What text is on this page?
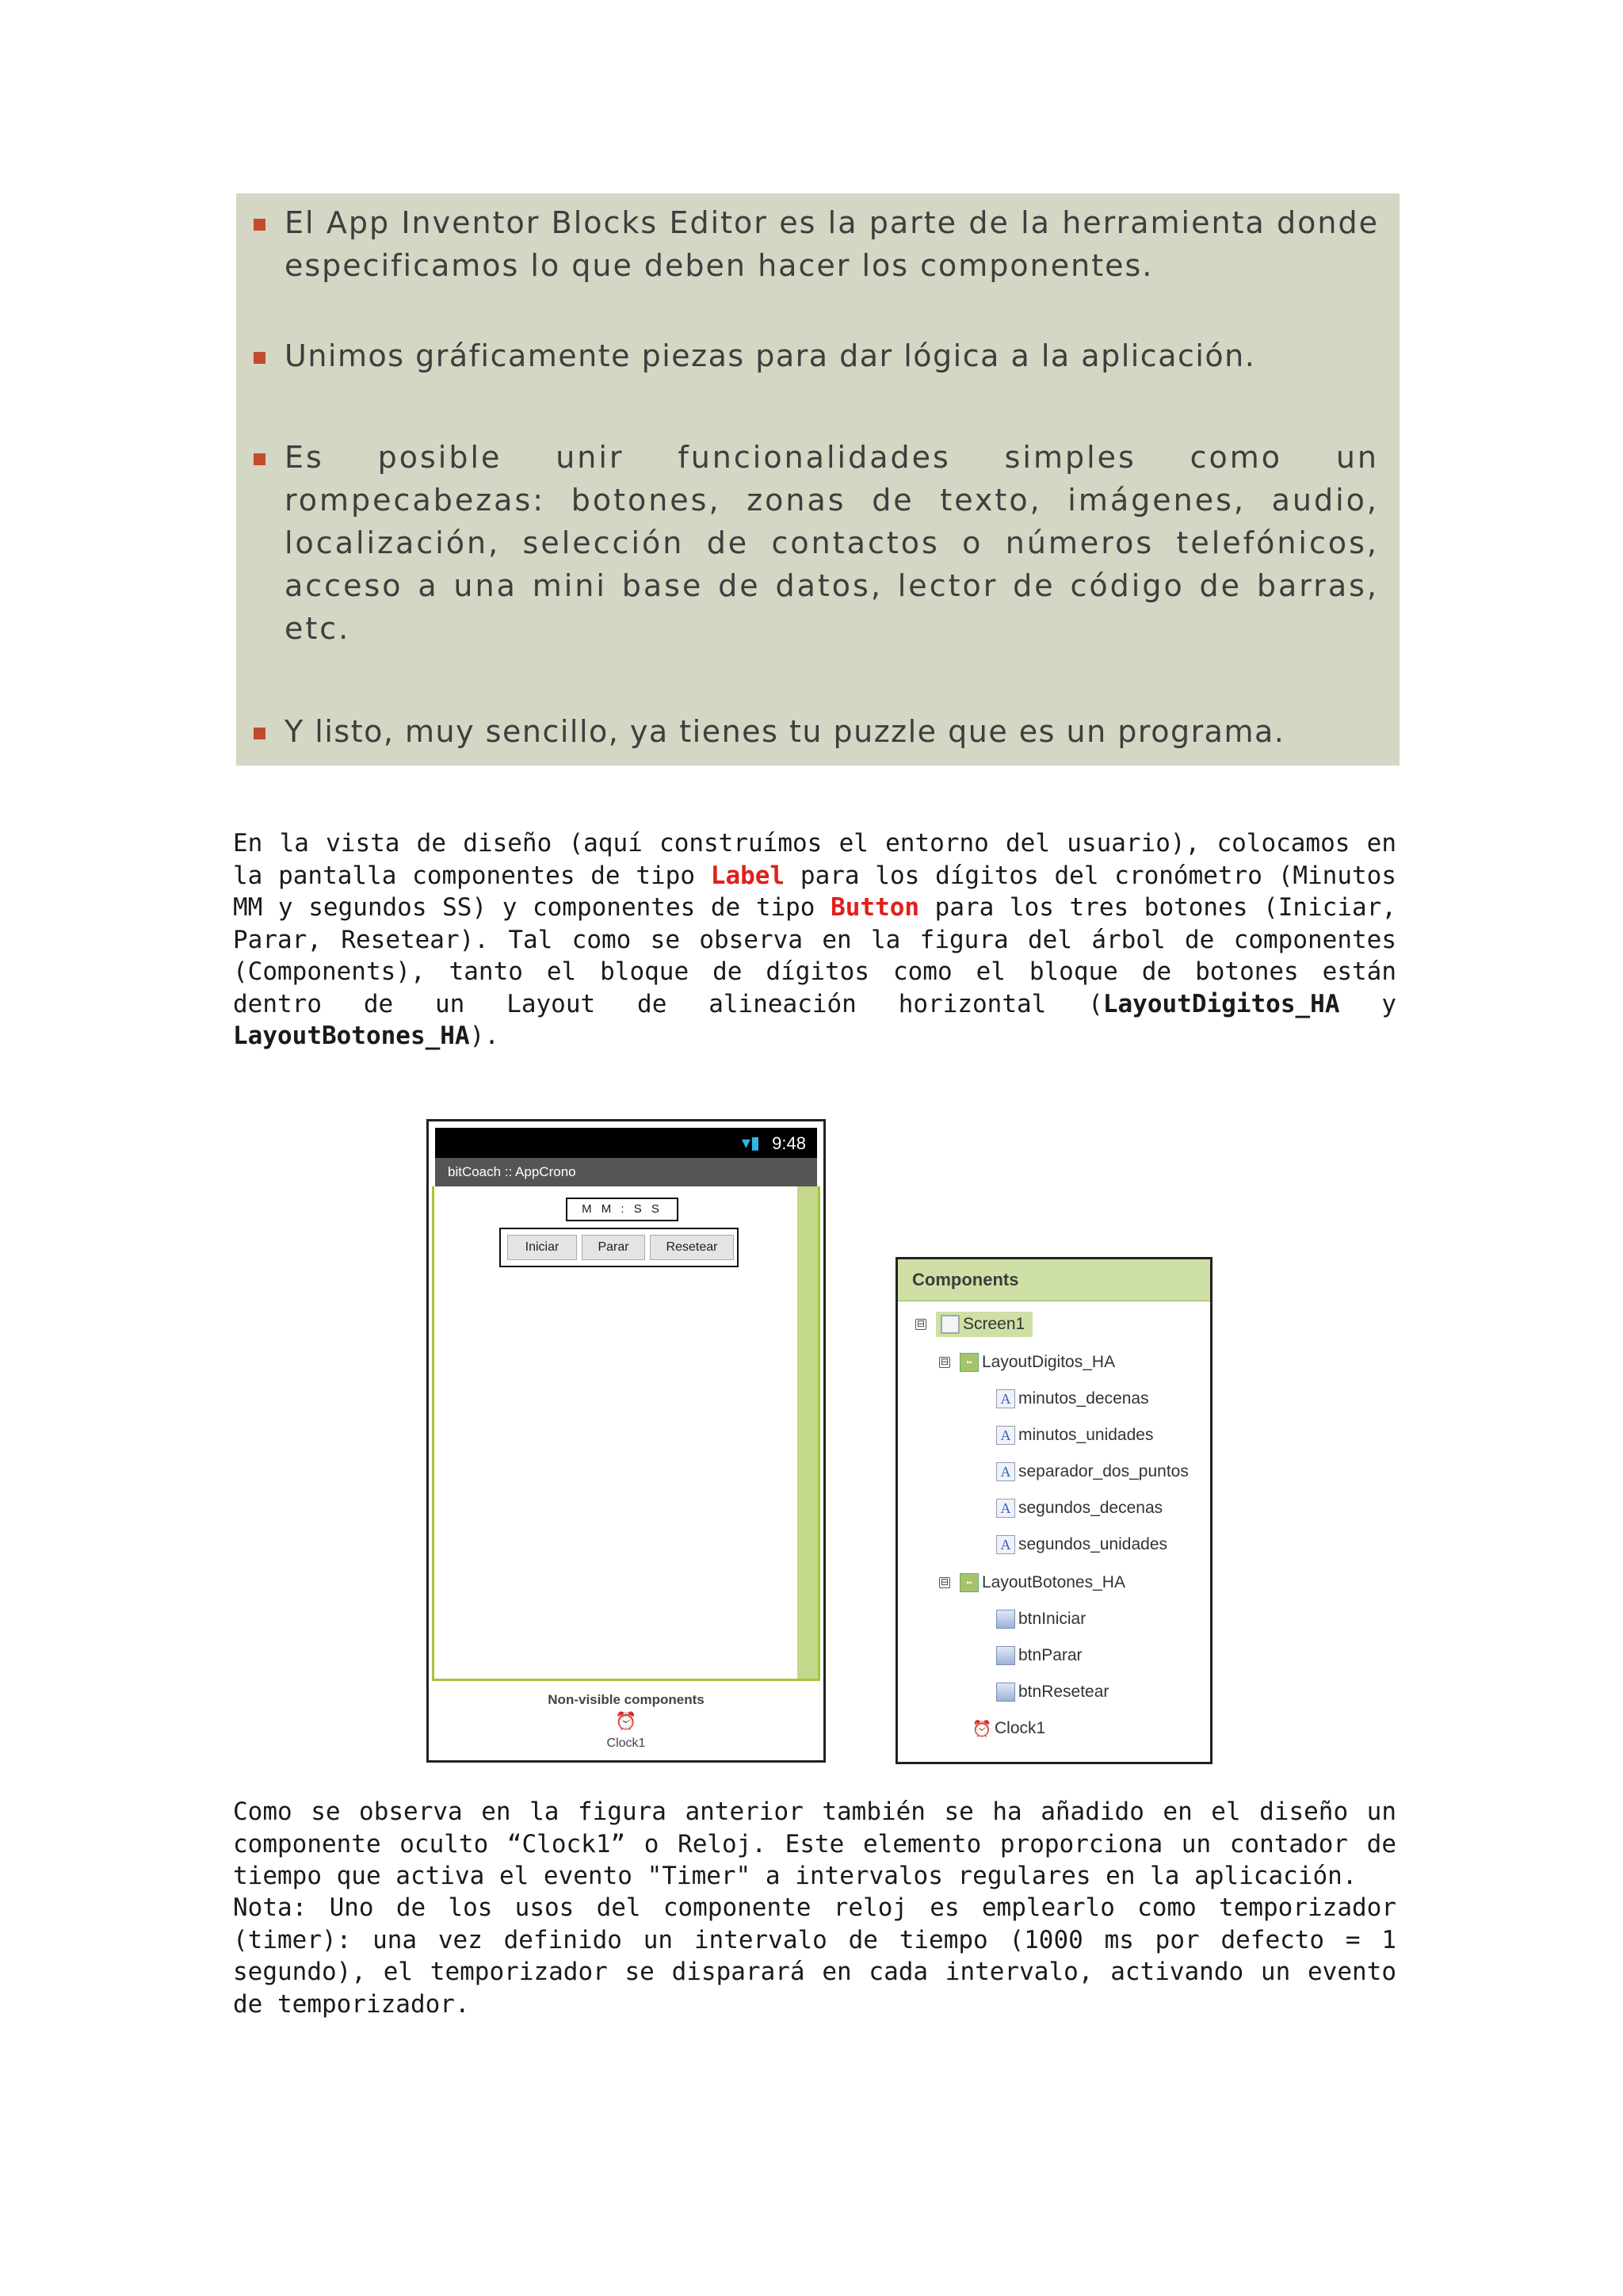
El App Inventor Blocks Editor es la parte de la herramienta donde especificamos lo que deben hacer los componentes.
Unimos gráficamente piezas para dar lógica a la aplicación.
Es posible unir funcionalidades simples como un rompecabezas: botones, zonas de texto, imágenes, audio, localización, selección de contactos o números telefónicos, acceso a una mini base de datos, lector de código de barras, etc.
Y listo, muy sencillo, ya tienes tu puzzle que es un programa.

En la vista de diseño (aquí construímos el entorno del usuario), colocamos en la pantalla componentes de tipo Label para los dígitos del cronómetro (Minutos MM y segundos SS) y componentes de tipo Button para los tres botones (Iniciar, Parar, Resetear). Tal como se observa en la figura del árbol de componentes (Components), tanto el bloque de dígitos como el bloque de botones están dentro de un Layout de alineación horizontal (LayoutDigitos_HA y LayoutBotones_HA).

▾▮ 9:48
bitCoach :: AppCrono
M M : S S
Iniciar	Parar	Resetear
Non-visible components
⏰
Clock1
Components
⊟ Screen1
⊟	▪▪ LayoutDigitos_HA
A minutos_decenas
A minutos_unidades
A separador_dos_puntos
A segundos_decenas
A segundos_unidades
⊟	▪▪ LayoutBotones_HA
btnIniciar
btnParar
btnResetear
⏰ Clock1

Como se observa en la figura anterior también se ha añadido en el diseño un componente oculto “Clock1” o Reloj. Este elemento proporciona un contador de tiempo que activa el evento "Timer" a intervalos regulares en la aplicación.

Nota: Uno de los usos del componente reloj es emplearlo como temporizador (timer): una vez definido un intervalo de tiempo (1000 ms por defecto = 1 segundo), el temporizador se disparará en cada intervalo, activando un evento de temporizador.
